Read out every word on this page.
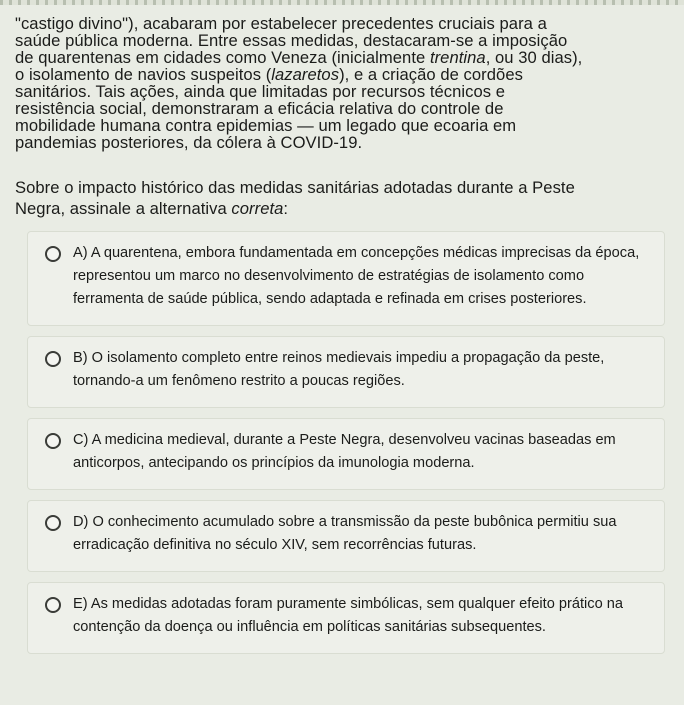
"castigo divino"), acabaram por estabelecer precedentes cruciais para a
saúde pública moderna. Entre essas medidas, destacaram-se a imposição
de quarentenas em cidades como Veneza (inicialmente trentina, ou 30 dias),
o isolamento de navios suspeitos (lazaretos), e a criação de cordões
sanitários. Tais ações, ainda que limitadas por recursos técnicos e
resistência social, demonstraram a eficácia relativa do controle de
mobilidade humana contra epidemias — um legado que ecoaria em
pandemias posteriores, da cólera à COVID-19.
Sobre o impacto histórico das medidas sanitárias adotadas durante a Peste
Negra, assinale a alternativa correta:
A) A quarentena, embora fundamentada em concepções médicas imprecisas da época, representou um marco no desenvolvimento de estratégias de isolamento como ferramenta de saúde pública, sendo adaptada e refinada em crises posteriores.
B) O isolamento completo entre reinos medievais impediu a propagação da peste, tornando-a um fenômeno restrito a poucas regiões.
C) A medicina medieval, durante a Peste Negra, desenvolveu vacinas baseadas em anticorpos, antecipando os princípios da imunologia moderna.
D) O conhecimento acumulado sobre a transmissão da peste bubônica permitiu sua erradicação definitiva no século XIV, sem recorrências futuras.
E) As medidas adotadas foram puramente simbólicas, sem qualquer efeito prático na contenção da doença ou influência em políticas sanitárias subsequentes.
